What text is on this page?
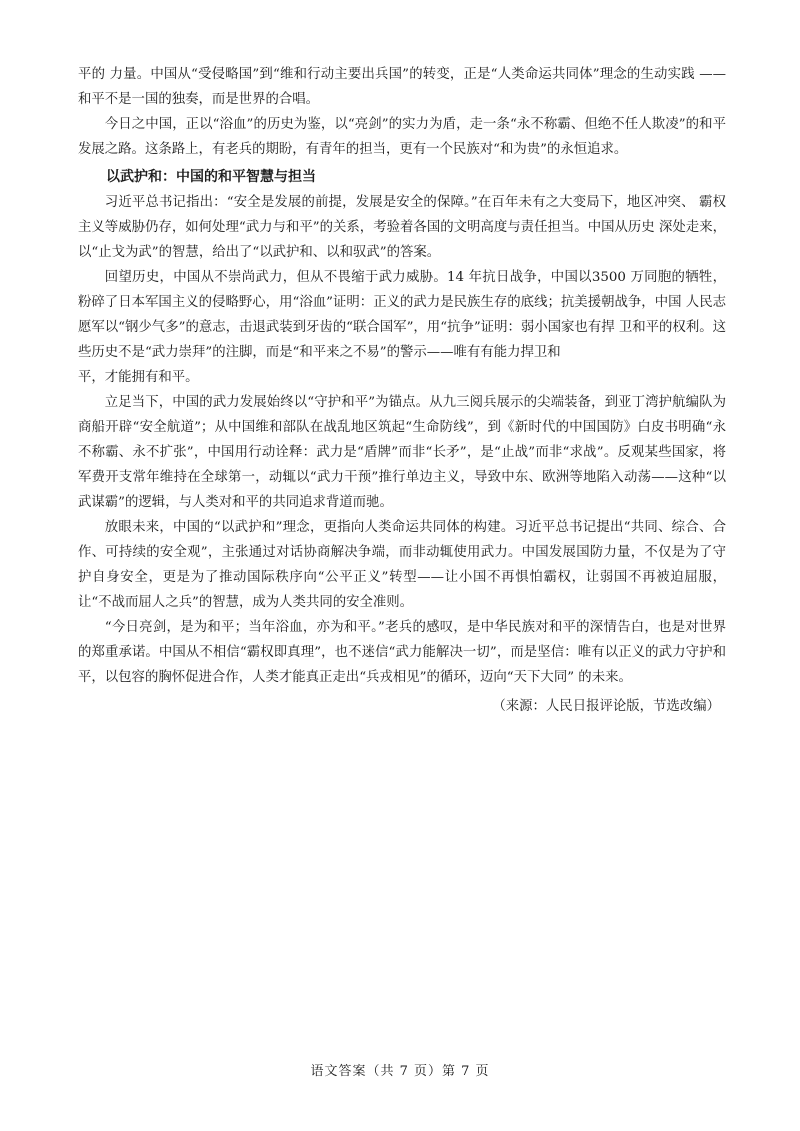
平的 力量。中国从“受侵略国”到“维和行动主要出兵国”的转变，正是“人类命运共同体”理念的生动实践 ——和平不是一国的独奏，而是世界的合唱。

今日之中国，正以“浴血”的历史为鉴，以“亮剑”的实力为盾，走一条“永不称霸、但绝不任人欺凌”的和平发展之路。这条路上，有老兵的期盼，有青年的担当，更有一个民族对“和为贵”的永恒追求。

以武护和：中国的和平智慧与担当

习近平总书记指出：“安全是发展的前提，发展是安全的保障。”在百年未有之大变局下，地区冲突、 霸权主义等威胁仍存，如何处理“武力与和平”的关系，考验着各国的文明高度与责任担当。中国从历史 深处走来，以“止戈为武”的智慧，给出了“以武护和、以和驭武”的答案。

回望历史，中国从不崇尚武力，但从不畏缩于武力威胁。14 年抗日战争，中国以3500 万同胞的牺牲， 粉碎了日本军国主义的侵略野心，用“浴血”证明：正义的武力是民族生存的底线；抗美援朝战争，中国 人民志愿军以“钢少气多”的意志，击退武装到牙齿的“联合国军”，用“抗争”证明：弱小国家也有捍 卫和平的权利。这些历史不是“武力崇拜”的注脚，而是“和平来之不易”的警示——唯有有能力捍卫和

平，才能拥有和平。

立足当下，中国的武力发展始终以“守护和平”为锚点。从九三阅兵展示的尖端装备，到亚丁湾护航编队为商船开辟“安全航道”；从中国维和部队在战乱地区筑起“生命防线”，到《新时代的中国国防》白皮书明确“永不称霸、永不扩张”，中国用行动诠释：武力是“盾牌”而非“长矛”，是“止战”而非“求战”。反观某些国家，将军费开支常年维持在全球第一，动辄以“武力干预”推行单边主义，导致中东、欧洲等地陷入动荡——这种“以武谋霸”的逻辑，与人类对和平的共同追求背道而驰。

放眼未来，中国的“以武护和”理念，更指向人类命运共同体的构建。习近平总书记提出“共同、综合、合作、可持续的安全观”，主张通过对话协商解决争端，而非动辄使用武力。中国发展国防力量，不仅是为了守护自身安全，更是为了推动国际秩序向“公平正义”转型——让小国不再惧怕霸权，让弱国不再被迫屈服，让“不战而屈人之兵”的智慧，成为人类共同的安全准则。

“今日亮剑，是为和平；当年浴血，亦为和平。”老兵的感叹，是中华民族对和平的深情告白，也是对世界的郑重承诺。中国从不相信“霸权即真理”，也不迷信“武力能解决一切”，而是坚信：唯有以正义的武力守护和平，以包容的胸怀促进合作，人类才能真正走出“兵戎相见”的循环，迈向“天下大同” 的未来。

（来源：人民日报评论版，节选改编）

语文答案（共 7 页）第 7 页
